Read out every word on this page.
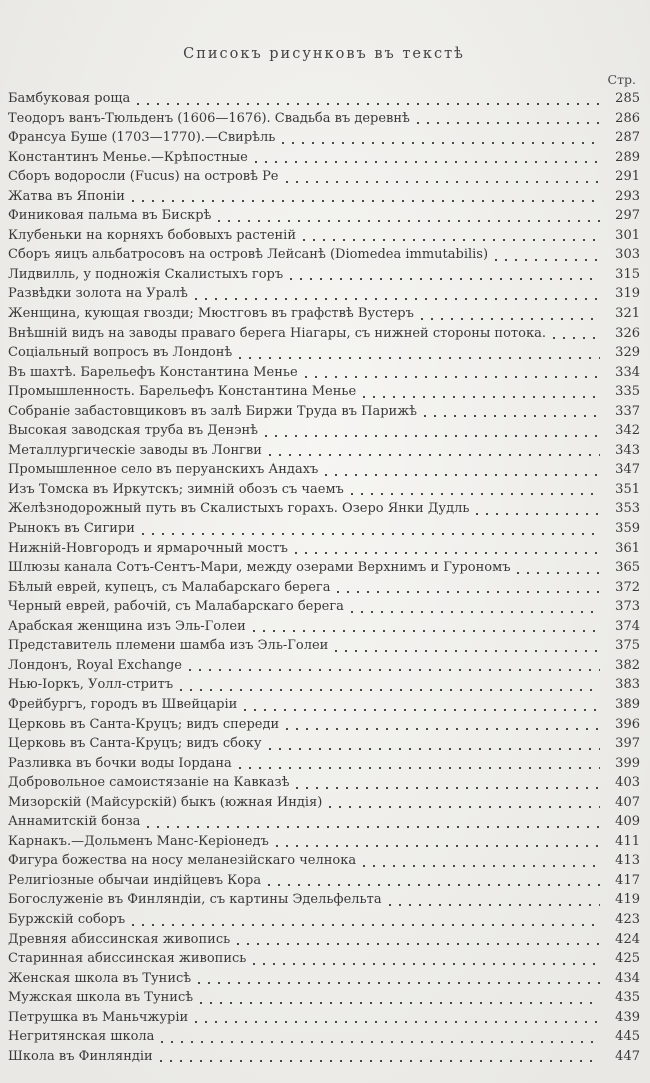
Списокъ рисунковъ въ текстѣ
Стр.
Бамбуковая роща	285
Теодоръ ванъ-Тюльденъ (1606—1676). Свадьба въ деревнѣ	286
Франсуа Буше (1703—1770).—Свирѣль	287
Константинъ Менье.—Крѣпостные	289
Сборъ водоросли (Fucus) на островѣ Ре	291
Жатва въ Японіи	293
Финиковая пальма въ Бискрѣ	297
Клубеньки на корняхъ бобовыхъ растеній	301
Сборъ яицъ альбатросовъ на островѣ Лейсанѣ (Diomedea immutabilis)	303
Лидвилль, у подножія Скалистыхъ горъ	315
Развѣдки золота на Уралѣ	319
Женщина, кующая гвозди; Мюстговъ въ графствѣ Вустеръ	321
Внѣшній видъ на заводы праваго берега Ніагары, съ нижней стороны потока.	326
Соціальный вопросъ въ Лондонѣ	329
Въ шахтѣ. Барельефъ Константина Менье	334
Промышленность. Барельефъ Константина Менье	335
Собраніе забастовщиковъ въ залѣ Биржи Труда въ Парижѣ	337
Высокая заводская труба въ Денэнѣ	342
Металлургическіе заводы въ Лонгви	343
Промышленное село въ перуанскихъ Андахъ	347
Изъ Томска въ Иркутскъ; зимній обозъ съ чаемъ	351
Желѣзнодорожный путь въ Скалистыхъ горахъ. Озеро Янки Дудль	353
Рынокъ въ Сигири	359
Нижній-Новгородъ и ярмарочный мостъ	361
Шлюзы канала Сотъ-Сентъ-Мари, между озерами Верхнимъ и Гурономъ	365
Бѣлый еврей, купецъ, съ Малабарскаго берега	372
Черный еврей, рабочій, съ Малабарскаго берега	373
Арабская женщина изъ Эль-Голеи	374
Представитель племени шамба изъ Эль-Голеи	375
Лондонъ, Royal Exchange	382
Нью-Іоркъ, Уолл-стритъ	383
Фрейбургъ, городъ въ Швейцаріи	389
Церковь въ Санта-Круцъ; видъ спереди	396
Церковь въ Санта-Круцъ; видъ сбоку	397
Разливка въ бочки воды Іордана	399
Добровольное самоистязаніе на Кавказѣ	403
Мизорскій (Майсурскій) быкъ (южная Индія)	407
Аннамитскій бонза	409
Карнакъ.—Дольменъ Манс-Керіонедъ	411
Фигура божества на носу меланезійскаго челнока	413
Религіозные обычаи индійцевъ Кора	417
Богослуженіе въ Финляндіи, съ картины Эдельфельта	419
Буржскій соборъ	423
Древняя абиссинская живопись	424
Старинная абиссинская живопись	425
Женская школа въ Тунисѣ	434
Мужская школа въ Тунисѣ	435
Петрушка въ Маньчжуріи	439
Негритянская школа	445
Школа въ Финляндіи	447
